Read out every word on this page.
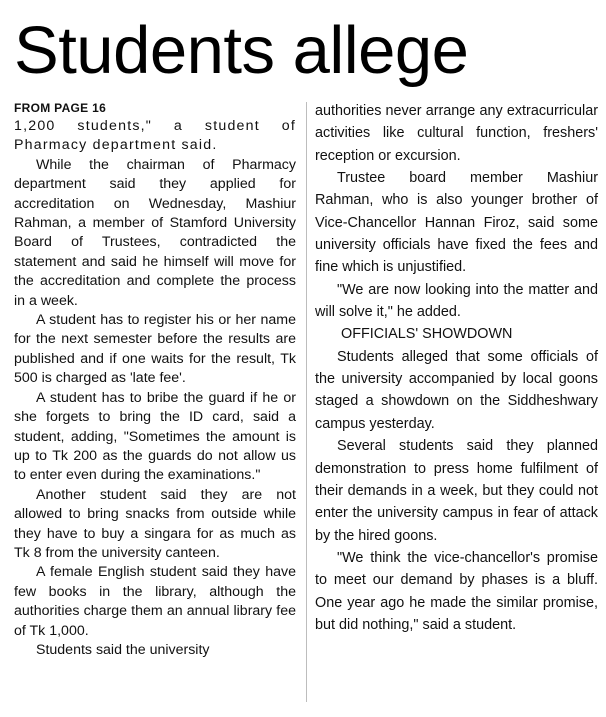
Students allege
FROM PAGE 16

1,200 students," a student of Pharmacy department said.

While the chairman of Pharmacy department said they applied for accreditation on Wednesday, Mashiur Rahman, a member of Stamford University Board of Trustees, contradicted the statement and said he himself will move for the accreditation and complete the process in a week.

A student has to register his or her name for the next semester before the results are published and if one waits for the result, Tk 500 is charged as 'late fee'.

A student has to bribe the guard if he or she forgets to bring the ID card, said a student, adding, "Sometimes the amount is up to Tk 200 as the guards do not allow us to enter even during the examinations."

Another student said they are not allowed to bring snacks from outside while they have to buy a singara for as much as Tk 8 from the university canteen.

A female English student said they have few books in the library, although the authorities charge them an annual library fee of Tk 1,000.

Students said the university

authorities never arrange any extracurricular activities like cultural function, freshers' reception or excursion.

Trustee board member Mashiur Rahman, who is also younger brother of Vice-Chancellor Hannan Firoz, said some university officials have fixed the fees and fine which is unjustified.

"We are now looking into the matter and will solve it," he added.

OFFICIALS' SHOWDOWN

Students alleged that some officials of the university accompanied by local goons staged a showdown on the Siddheshwary campus yesterday.

Several students said they planned demonstration to press home fulfilment of their demands in a week, but they could not enter the university campus in fear of attack by the hired goons.

"We think the vice-chancellor's promise to meet our demand by phases is a bluff. One year ago he made the similar promise, but did nothing," said a student.
